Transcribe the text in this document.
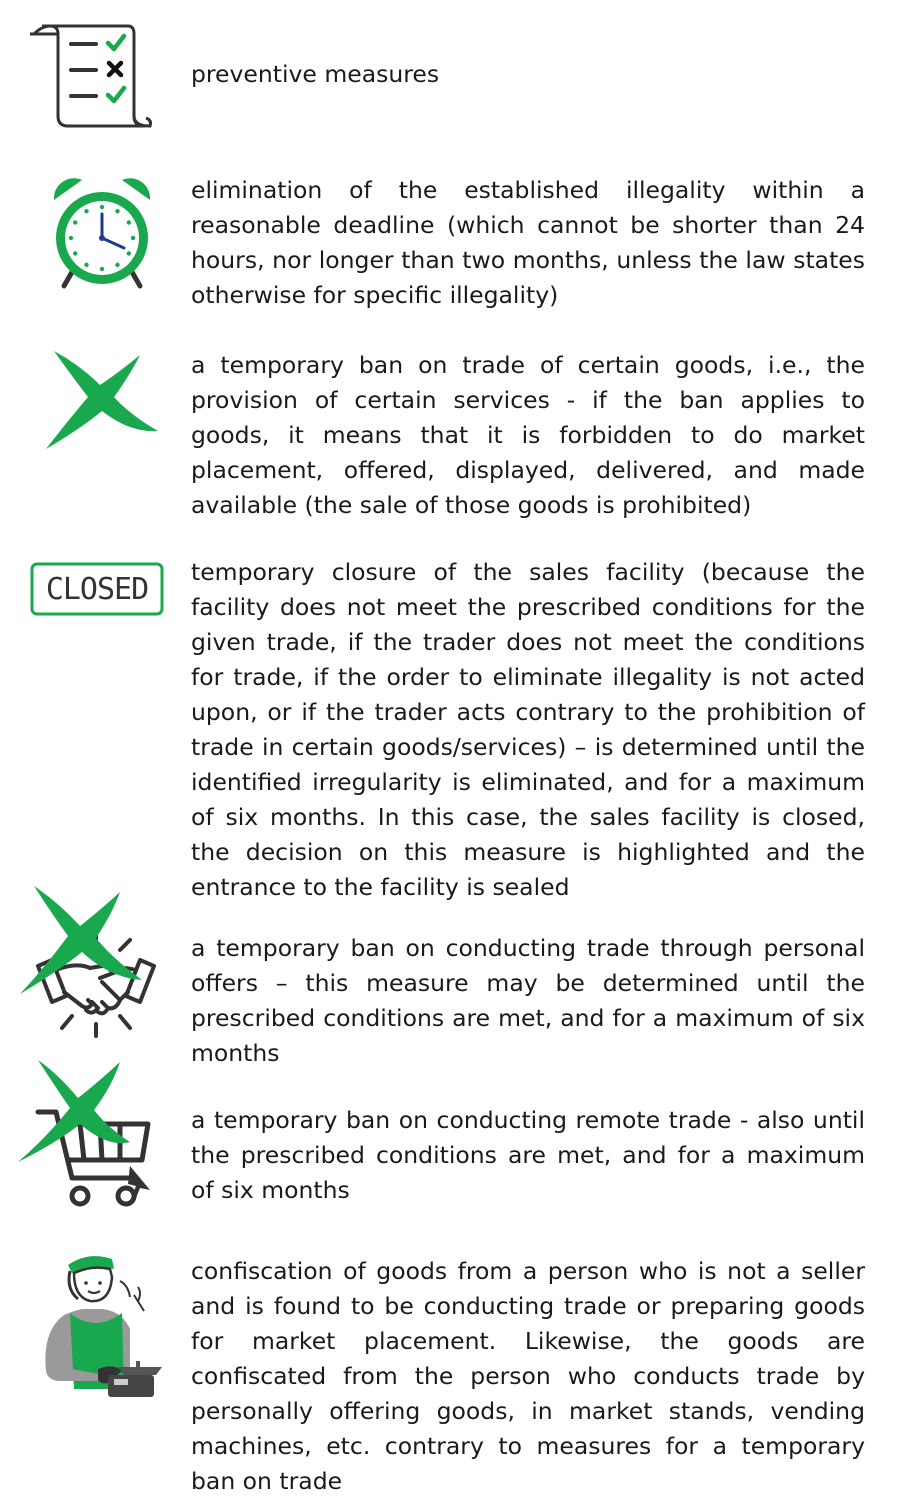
preventive measures

elimination of the established illegality within a reasonable deadline (which cannot be shorter than 24 hours, nor longer than two months, unless the law states otherwise for specific illegality)

a temporary ban on trade of certain goods, i.e., the provision of certain services - if the ban applies to goods, it means that it is forbidden to do market placement, offered, displayed, delivered, and made available (the sale of those goods is prohibited)

CLOSED temporary closure of the sales facility (because the facility does not meet the prescribed conditions for the given trade, if the trader does not meet the conditions for trade, if the order to eliminate illegality is not acted upon, or if the trader acts contrary to the prohibition of trade in certain goods/services) – is determined until the identified irregularity is eliminated, and for a maximum of six months. In this case, the sales facility is closed, the decision on this measure is highlighted and the entrance to the facility is sealed

a temporary ban on conducting trade through personal offers – this measure may be determined until the prescribed conditions are met, and for a maximum of six months

a temporary ban on conducting remote trade - also until the prescribed conditions are met, and for a maximum of six months

confiscation of goods from a person who is not a seller and is found to be conducting trade or preparing goods for market placement. Likewise, the goods are confiscated from the person who conducts trade by personally offering goods, in market stands, vending machines, etc. contrary to measures for a temporary ban on trade
